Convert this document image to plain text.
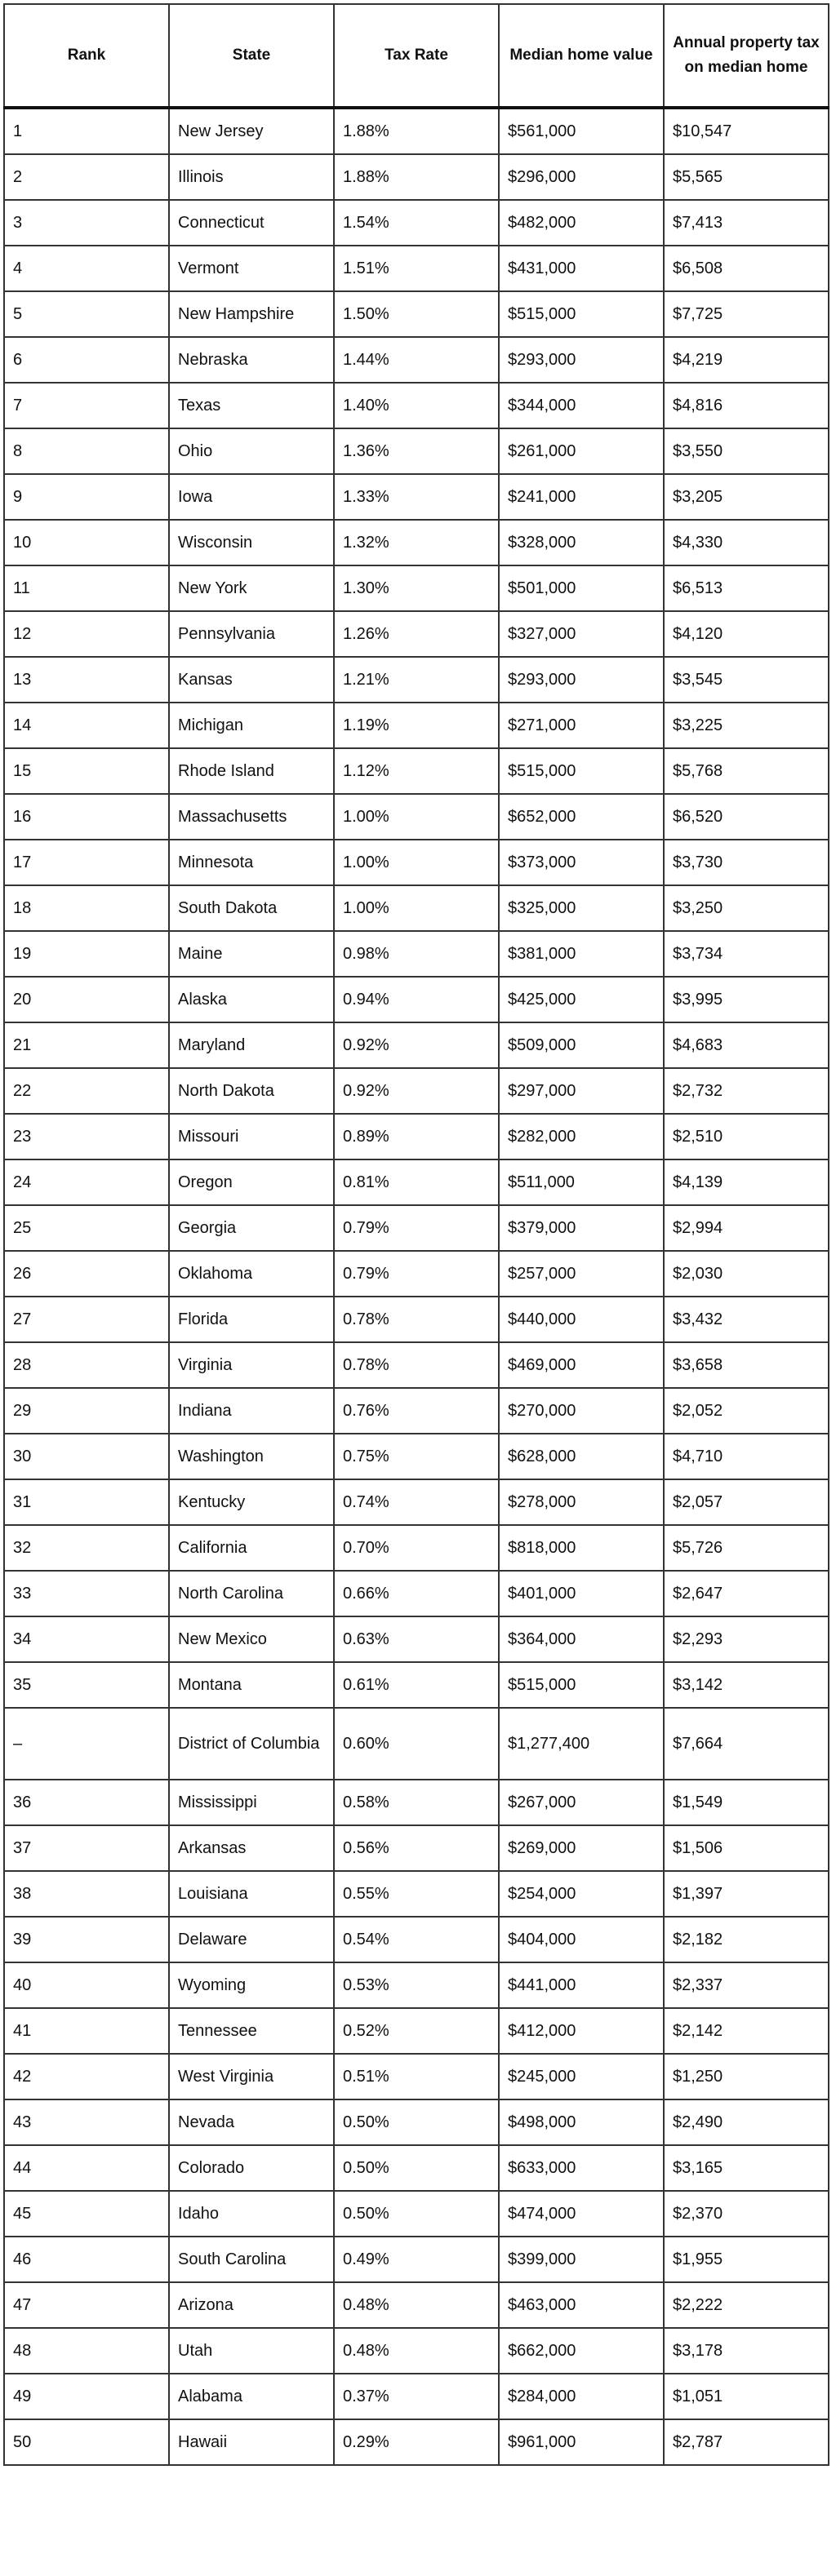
Rank	State	Tax Rate	Median home value	Annual property tax on median home
1	New Jersey	1.88%	$561,000	$10,547
2	Illinois	1.88%	$296,000	$5,565
3	Connecticut	1.54%	$482,000	$7,413
4	Vermont	1.51%	$431,000	$6,508
5	New Hampshire	1.50%	$515,000	$7,725
6	Nebraska	1.44%	$293,000	$4,219
7	Texas	1.40%	$344,000	$4,816
8	Ohio	1.36%	$261,000	$3,550
9	Iowa	1.33%	$241,000	$3,205
10	Wisconsin	1.32%	$328,000	$4,330
11	New York	1.30%	$501,000	$6,513
12	Pennsylvania	1.26%	$327,000	$4,120
13	Kansas	1.21%	$293,000	$3,545
14	Michigan	1.19%	$271,000	$3,225
15	Rhode Island	1.12%	$515,000	$5,768
16	Massachusetts	1.00%	$652,000	$6,520
17	Minnesota	1.00%	$373,000	$3,730
18	South Dakota	1.00%	$325,000	$3,250
19	Maine	0.98%	$381,000	$3,734
20	Alaska	0.94%	$425,000	$3,995
21	Maryland	0.92%	$509,000	$4,683
22	North Dakota	0.92%	$297,000	$2,732
23	Missouri	0.89%	$282,000	$2,510
24	Oregon	0.81%	$511,000	$4,139
25	Georgia	0.79%	$379,000	$2,994
26	Oklahoma	0.79%	$257,000	$2,030
27	Florida	0.78%	$440,000	$3,432
28	Virginia	0.78%	$469,000	$3,658
29	Indiana	0.76%	$270,000	$2,052
30	Washington	0.75%	$628,000	$4,710
31	Kentucky	0.74%	$278,000	$2,057
32	California	0.70%	$818,000	$5,726
33	North Carolina	0.66%	$401,000	$2,647
34	New Mexico	0.63%	$364,000	$2,293
35	Montana	0.61%	$515,000	$3,142
–	District of Columbia	0.60%	$1,277,400	$7,664
36	Mississippi	0.58%	$267,000	$1,549
37	Arkansas	0.56%	$269,000	$1,506
38	Louisiana	0.55%	$254,000	$1,397
39	Delaware	0.54%	$404,000	$2,182
40	Wyoming	0.53%	$441,000	$2,337
41	Tennessee	0.52%	$412,000	$2,142
42	West Virginia	0.51%	$245,000	$1,250
43	Nevada	0.50%	$498,000	$2,490
44	Colorado	0.50%	$633,000	$3,165
45	Idaho	0.50%	$474,000	$2,370
46	South Carolina	0.49%	$399,000	$1,955
47	Arizona	0.48%	$463,000	$2,222
48	Utah	0.48%	$662,000	$3,178
49	Alabama	0.37%	$284,000	$1,051
50	Hawaii	0.29%	$961,000	$2,787
